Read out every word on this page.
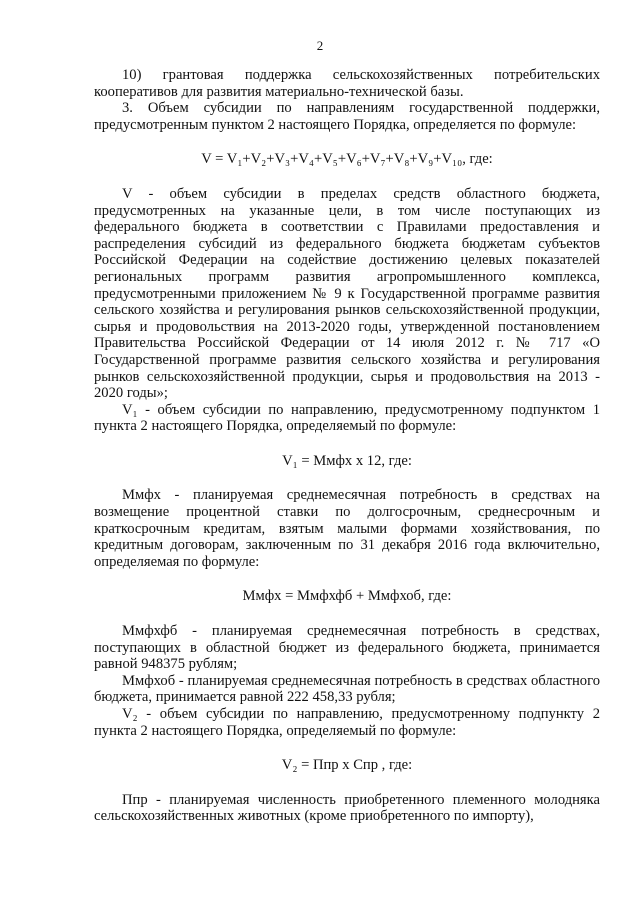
2

10) грантовая поддержка сельскохозяйственных потребительских кооперативов для развития материально-технической базы.

3. Объем субсидии по направлениям государственной поддержки, предусмотренным пунктом 2 настоящего Порядка, определяется по формуле:

V = V₁+V₂+V₃+V₄+V₅+V₆+V₇+V₈+V₉+V₁₀, где:

V - объем субсидии в пределах средств областного бюджета, предусмотренных на указанные цели, в том числе поступающих из федерального бюджета в соответствии с Правилами предоставления и распределения субсидий из федерального бюджета бюджетам субъектов Российской Федерации на содействие достижению целевых показателей региональных программ развития агропромышленного комплекса, предусмотренными приложением № 9 к Государственной программе развития сельского хозяйства и регулирования рынков сельскохозяйственной продукции, сырья и продовольствия на 2013-2020 годы, утвержденной постановлением Правительства Российской Федерации от 14 июля 2012 г. № 717 «О Государственной программе развития сельского хозяйства и регулирования рынков сельскохозяйственной продукции, сырья и продовольствия на 2013 - 2020 годы»;

V₁ - объем субсидии по направлению, предусмотренному подпунктом 1 пункта 2 настоящего Порядка, определяемый по формуле:

V₁ = Mмфх х 12, где:

Mмфх - планируемая среднемесячная потребность в средствах на возмещение процентной ставки по долгосрочным, среднесрочным и краткосрочным кредитам, взятым малыми формами хозяйствования, по кредитным договорам, заключенным по 31 декабря 2016 года включительно, определяемая по формуле:

Mмфх = Mмфхфб + Mмфхоб, где:

Mмфхфб - планируемая среднемесячная потребность в средствах, поступающих в областной бюджет из федерального бюджета, принимается равной 948375 рублям;

Mмфхоб - планируемая среднемесячная потребность в средствах областного бюджета, принимается равной 222 458,33 рубля;

V₂ - объем субсидии по направлению, предусмотренному подпункту 2 пункта 2 настоящего Порядка, определяемый по формуле:

V₂ = Ппр х Спр , где:

Ппр - планируемая численность приобретенного племенного молодняка сельскохозяйственных животных (кроме приобретенного по импорту),
